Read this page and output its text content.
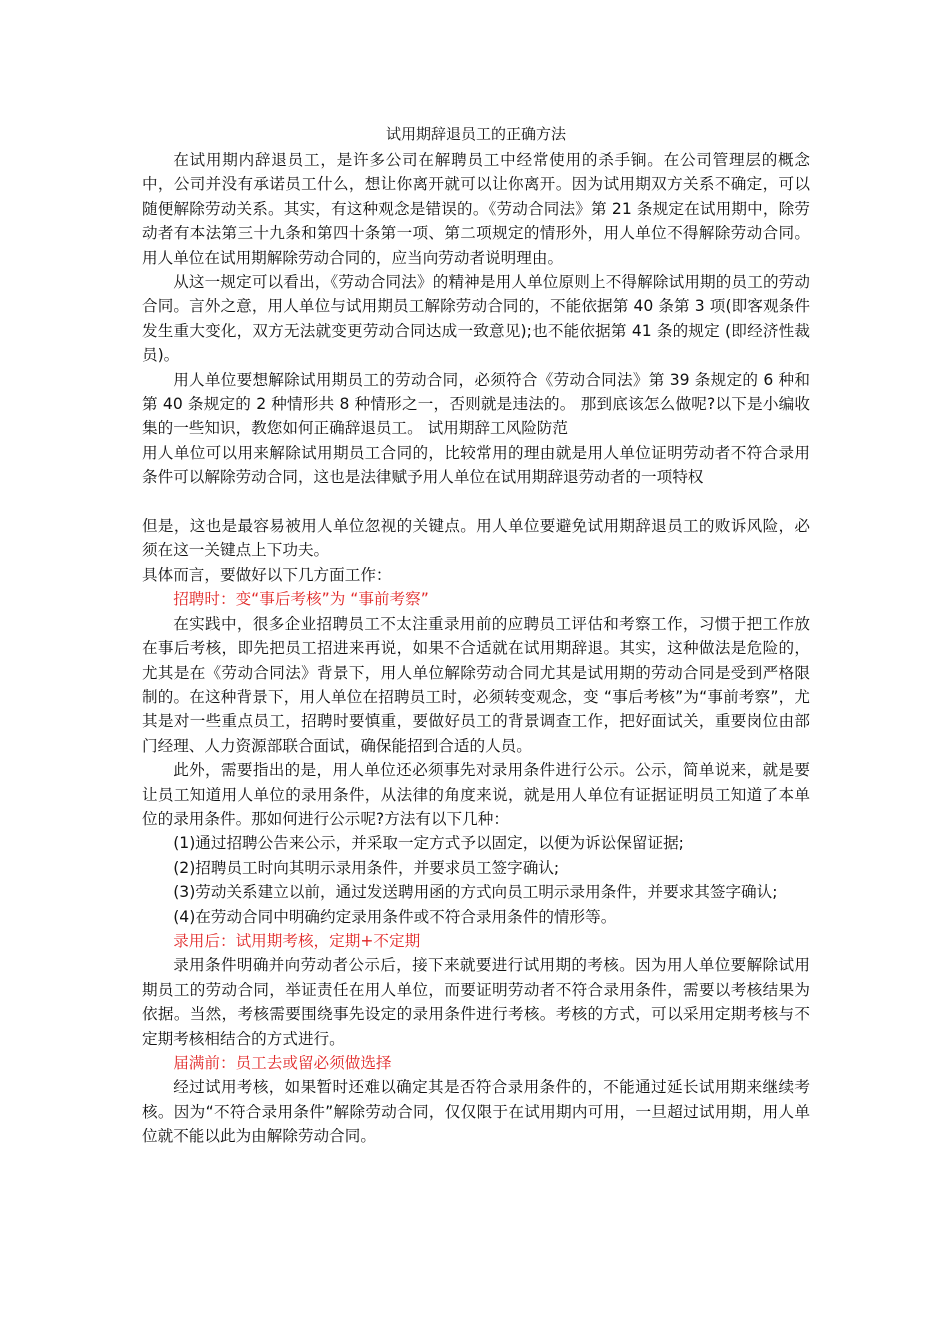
试用期辞退员工的正确方法

在试用期内辞退员工，是许多公司在解聘员工中经常使用的杀手锏。在公司管理层的概念中，公司并没有承诺员工什么，想让你离开就可以让你离开。因为试用期双方关系不确定，可以随便解除劳动关系。其实，有这种观念是错误的。《劳动合同法》第 21 条规定在试用期中，除劳动者有本法第三十九条和第四十条第一项、第二项规定的情形外，用人单位不得解除劳动合同。用人单位在试用期解除劳动合同的，应当向劳动者说明理由。

从这一规定可以看出，《劳动合同法》的精神是用人单位原则上不得解除试用期的员工的劳动合同。言外之意，用人单位与试用期员工解除劳动合同的，不能依据第 40 条第 3 项(即客观条件发生重大变化，双方无法就变更劳动合同达成一致意见);也不能依据第 41 条的规定 (即经济性裁员)。

用人单位要想解除试用期员工的劳动合同，必须符合《劳动合同法》第 39 条规定的 6 种和第 40 条规定的 2 种情形共 8 种情形之一，否则就是违法的。 那到底该怎么做呢?以下是小编收集的一些知识，教您如何正确辞退员工。 试用期辞工风险防范

用人单位可以用来解除试用期员工合同的，比较常用的理由就是用人单位证明劳动者不符合录用条件可以解除劳动合同，这也是法律赋予用人单位在试用期辞退劳动者的一项特权

但是，这也是最容易被用人单位忽视的关键点。用人单位要避免试用期辞退员工的败诉风险，必须在这一关键点上下功夫。

具体而言，要做好以下几方面工作：

招聘时：变“事后考核”为 “事前考察”

在实践中，很多企业招聘员工不太注重录用前的应聘员工评估和考察工作，习惯于把工作放在事后考核，即先把员工招进来再说，如果不合适就在试用期辞退。其实，这种做法是危险的，尤其是在《劳动合同法》背景下，用人单位解除劳动合同尤其是试用期的劳动合同是受到严格限制的。在这种背景下，用人单位在招聘员工时，必须转变观念，变 “事后考核”为“事前考察”，尤其是对一些重点员工，招聘时要慎重，要做好员工的背景调查工作，把好面试关，重要岗位由部门经理、人力资源部联合面试，确保能招到合适的人员。

此外，需要指出的是，用人单位还必须事先对录用条件进行公示。公示，简单说来，就是要让员工知道用人单位的录用条件，从法律的角度来说，就是用人单位有证据证明员工知道了本单位的录用条件。那如何进行公示呢?方法有以下几种：

(1)通过招聘公告来公示，并采取一定方式予以固定，以便为诉讼保留证据;

(2)招聘员工时向其明示录用条件，并要求员工签字确认;

(3)劳动关系建立以前，通过发送聘用函的方式向员工明示录用条件，并要求其签字确认;

(4)在劳动合同中明确约定录用条件或不符合录用条件的情形等。

录用后：试用期考核，定期+不定期

录用条件明确并向劳动者公示后，接下来就要进行试用期的考核。因为用人单位要解除试用期员工的劳动合同，举证责任在用人单位，而要证明劳动者不符合录用条件，需要以考核结果为依据。当然，考核需要围绕事先设定的录用条件进行考核。考核的方式，可以采用定期考核与不定期考核相结合的方式进行。

届满前：员工去或留必须做选择

经过试用考核，如果暂时还难以确定其是否符合录用条件的，不能通过延长试用期来继续考核。因为“不符合录用条件”解除劳动合同，仅仅限于在试用期内可用，一旦超过试用期，用人单位就不能以此为由解除劳动合同。
